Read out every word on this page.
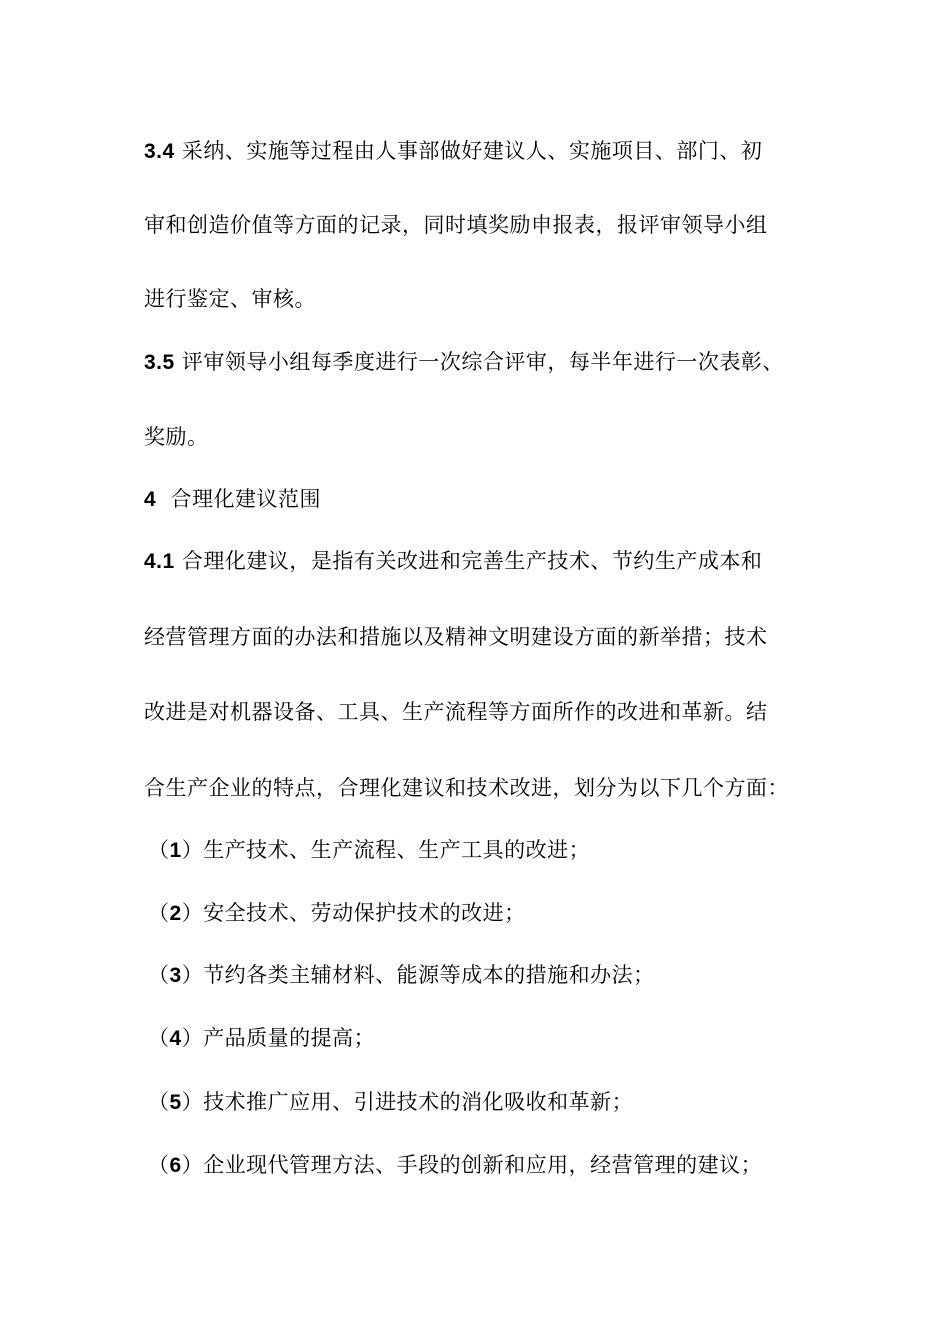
3.4 采纳、实施等过程由人事部做好建议人、实施项目、部门、初
审和创造价值等方面的记录，同时填奖励申报表，报评审领导小组
进行鉴定、审核。
3.5 评审领导小组每季度进行一次综合评审，每半年进行一次表彰、
奖励。
4 合理化建议范围
4.1 合理化建议，是指有关改进和完善生产技术、节约生产成本和
经营管理方面的办法和措施以及精神文明建设方面的新举措；技术
改进是对机器设备、工具、生产流程等方面所作的改进和革新。结
合生产企业的特点，合理化建议和技术改进，划分为以下几个方面：
（1）生产技术、生产流程、生产工具的改进；
（2）安全技术、劳动保护技术的改进；
（3）节约各类主辅材料、能源等成本的措施和办法；
（4）产品质量的提高；
（5）技术推广应用、引进技术的消化吸收和革新；
（6）企业现代管理方法、手段的创新和应用，经营管理的建议；
